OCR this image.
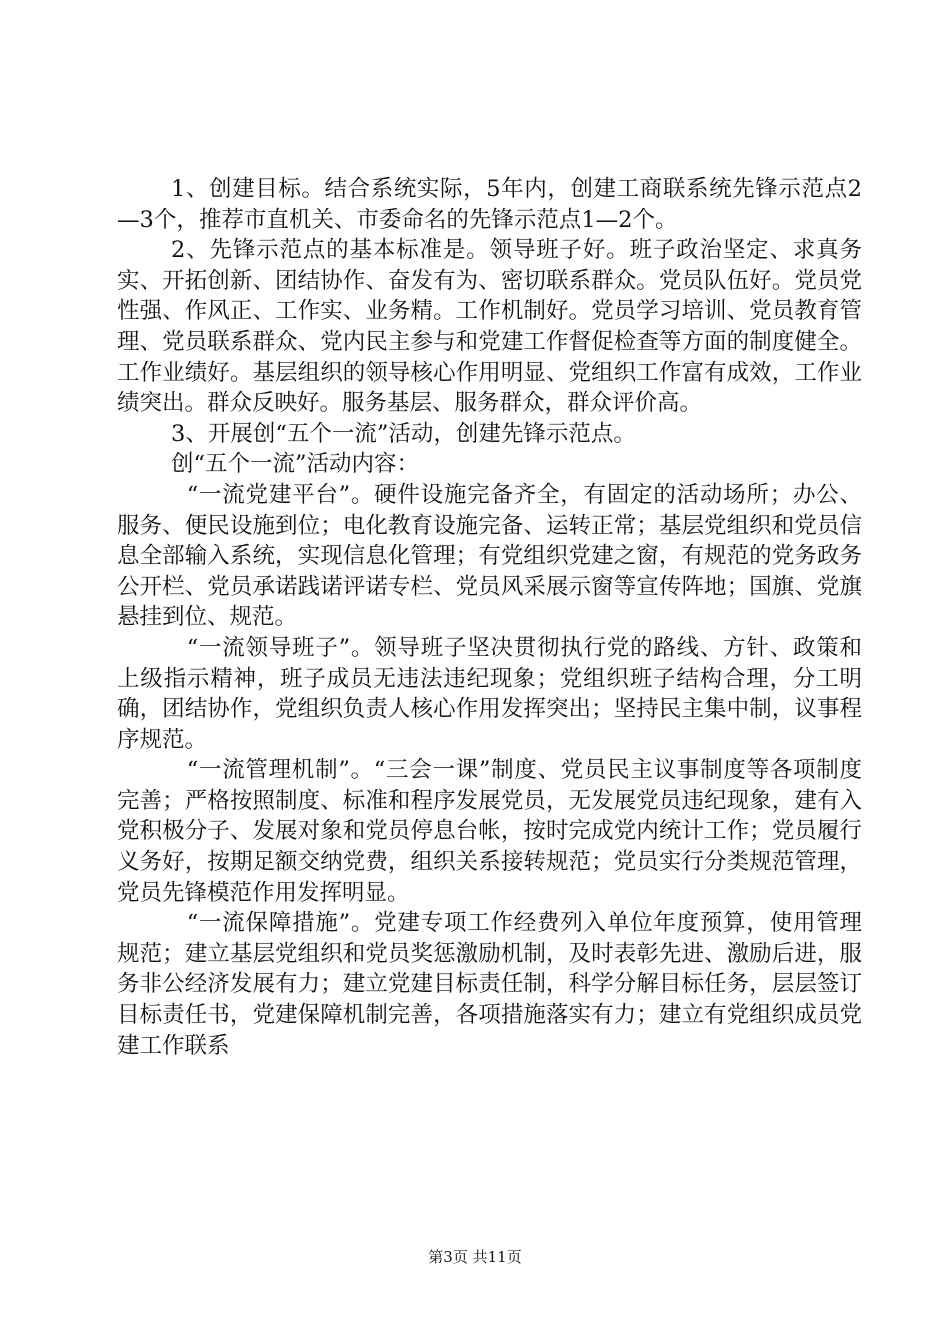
1、创建目标。结合系统实际，5年内，创建工商联系统先锋示范点2—3个，推荐市直机关、市委命名的先锋示范点1—2个。

2、先锋示范点的基本标准是。领导班子好。班子政治坚定、求真务实、开拓创新、团结协作、奋发有为、密切联系群众。党员队伍好。党员党性强、作风正、工作实、业务精。工作机制好。党员学习培训、党员教育管理、党员联系群众、党内民主参与和党建工作督促检查等方面的制度健全。工作业绩好。基层组织的领导核心作用明显、党组织工作富有成效，工作业绩突出。群众反映好。服务基层、服务群众，群众评价高。

3、开展创“五个一流”活动，创建先锋示范点。

创“五个一流”活动内容：

“一流党建平台”。硬件设施完备齐全，有固定的活动场所；办公、服务、便民设施到位；电化教育设施完备、运转正常；基层党组织和党员信息全部输入系统，实现信息化管理；有党组织党建之窗，有规范的党务政务公开栏、党员承诺践诺评诺专栏、党员风采展示窗等宣传阵地；国旗、党旗悬挂到位、规范。

“一流领导班子”。领导班子坚决贯彻执行党的路线、方针、政策和上级指示精神，班子成员无违法违纪现象；党组织班子结构合理，分工明确，团结协作，党组织负责人核心作用发挥突出；坚持民主集中制，议事程序规范。

“一流管理机制”。“三会一课”制度、党员民主议事制度等各项制度完善；严格按照制度、标准和程序发展党员，无发展党员违纪现象，建有入党积极分子、发展对象和党员停息台帐，按时完成党内统计工作；党员履行义务好，按期足额交纳党费，组织关系接转规范；党员实行分类规范管理，党员先锋模范作用发挥明显。

“一流保障措施”。党建专项工作经费列入单位年度预算，使用管理规范；建立基层党组织和党员奖惩激励机制，及时表彰先进、激励后进，服务非公经济发展有力；建立党建目标责任制，科学分解目标任务，层层签订目标责任书，党建保障机制完善，各项措施落实有力；建立有党组织成员党建工作联系

第3页 共11页
